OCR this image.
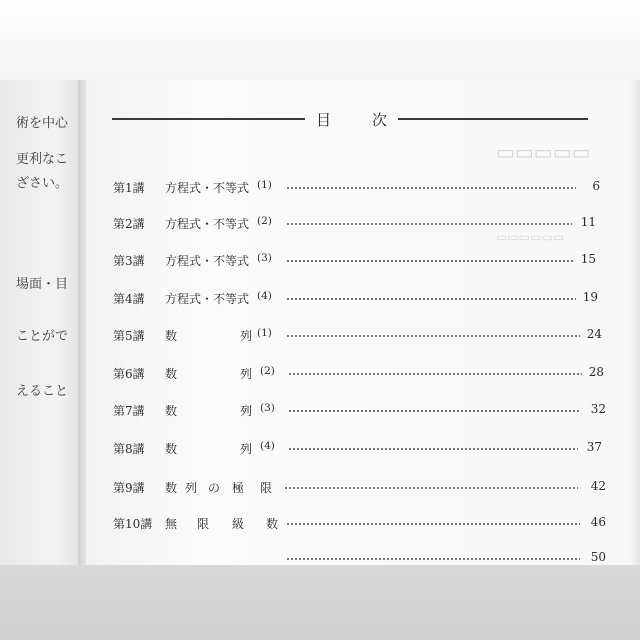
術を中心
更利なこ
ざさい。
場面・目
ことがで
えること
▭▭▭▭▭
▭▭▭▭▭▭
目	次
第1講 方程式・不等式 (1)	6
第2講 方程式・不等式 (2)	11
第3講 方程式・不等式 (3)	15
第4講 方程式・不等式 (4)	19
第5講 数	列 (1)	24
第6講 数	列 (2)	28
第7講 数	列 (3)	32
第8講 数	列 (4)	37
第9講 数 列 の 極 限	42
第10講 無 限 級 数	46
50
